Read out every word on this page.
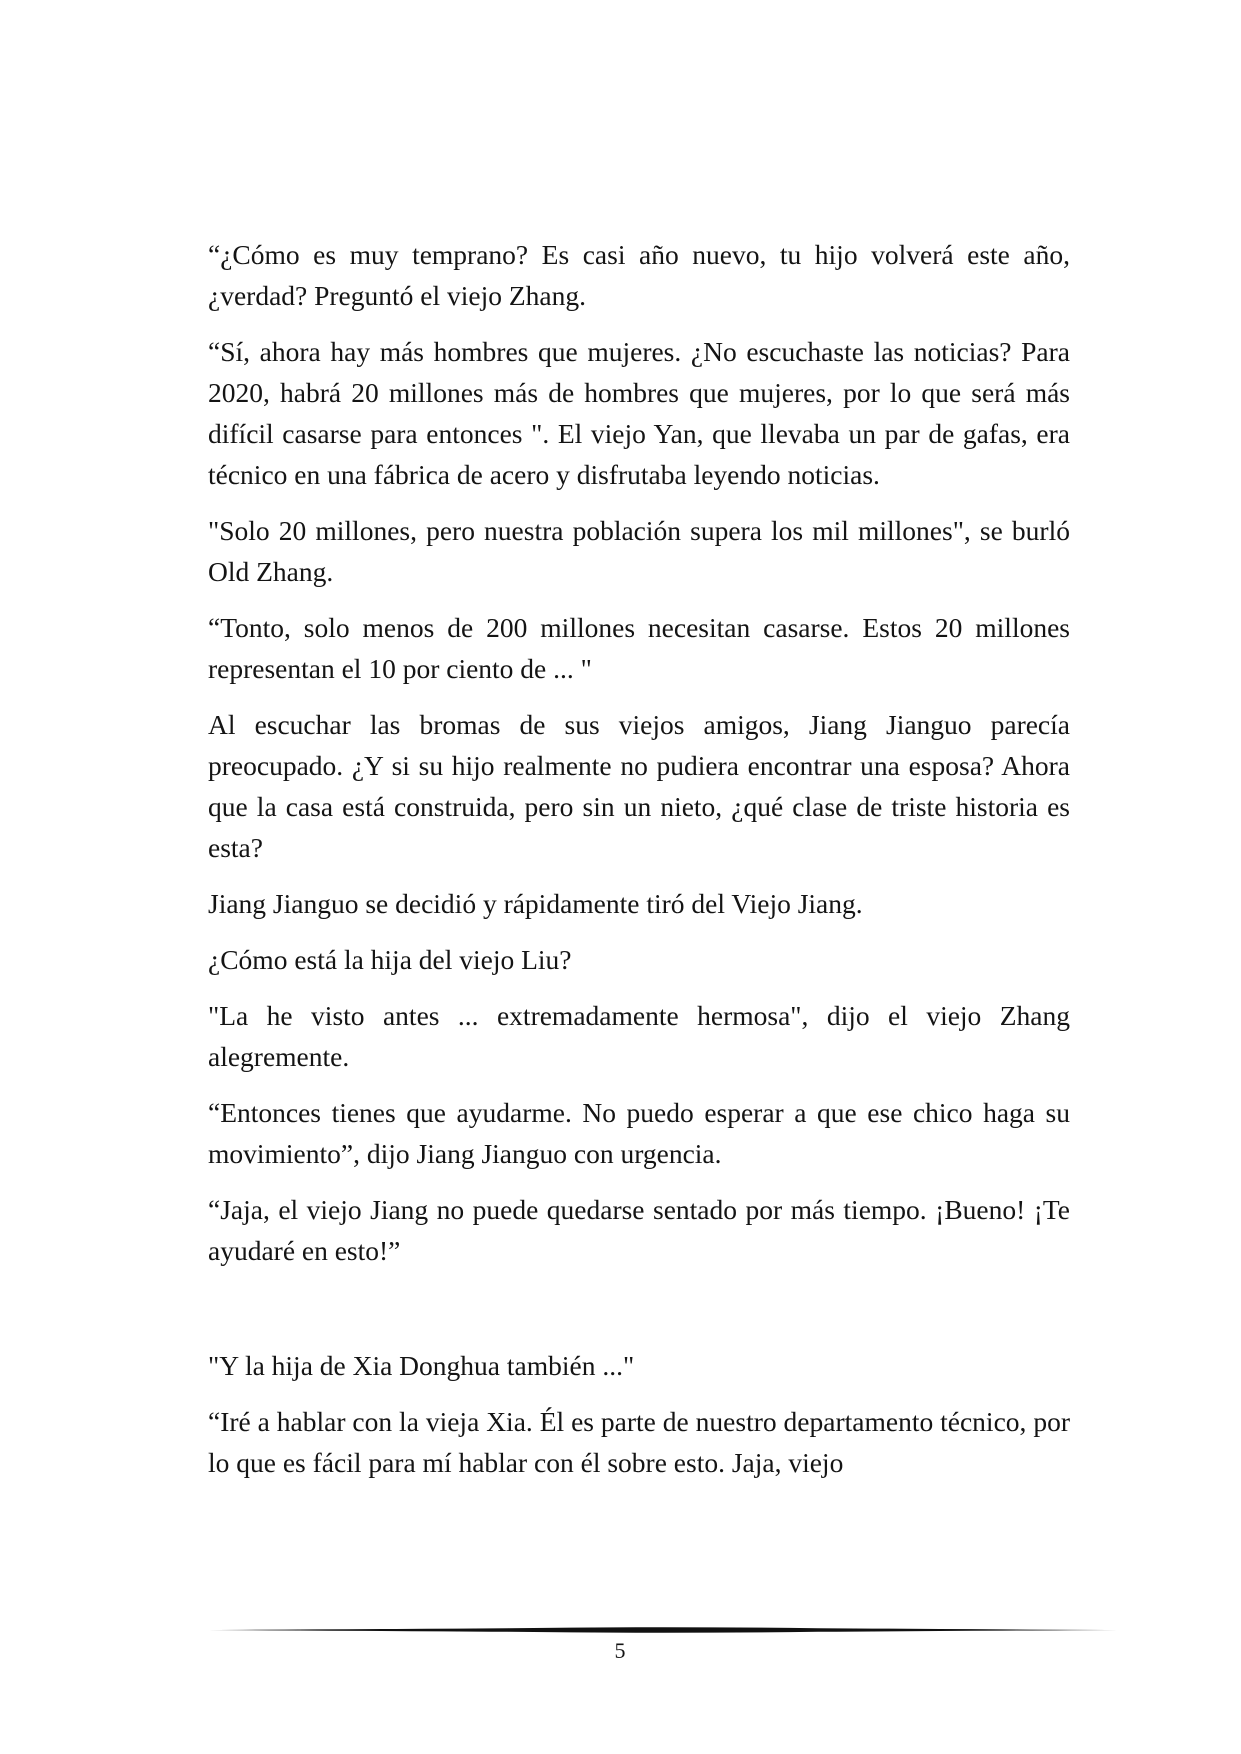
“¿Cómo es muy temprano? Es casi año nuevo, tu hijo volverá este año, ¿verdad? Preguntó el viejo Zhang.

“Sí, ahora hay más hombres que mujeres. ¿No escuchaste las noticias? Para 2020, habrá 20 millones más de hombres que mujeres, por lo que será más difícil casarse para entonces ". El viejo Yan, que llevaba un par de gafas, era técnico en una fábrica de acero y disfrutaba leyendo noticias.

"Solo 20 millones, pero nuestra población supera los mil millones", se burló Old Zhang.

“Tonto, solo menos de 200 millones necesitan casarse. Estos 20 millones representan el 10 por ciento de ... "

Al escuchar las bromas de sus viejos amigos, Jiang Jianguo parecía preocupado. ¿Y si su hijo realmente no pudiera encontrar una esposa? Ahora que la casa está construida, pero sin un nieto, ¿qué clase de triste historia es esta?

Jiang Jianguo se decidió y rápidamente tiró del Viejo Jiang.

¿Cómo está la hija del viejo Liu?

"La he visto antes ... extremadamente hermosa", dijo el viejo Zhang alegremente.

“Entonces tienes que ayudarme. No puedo esperar a que ese chico haga su movimiento”, dijo Jiang Jianguo con urgencia.

“Jaja, el viejo Jiang no puede quedarse sentado por más tiempo. ¡Bueno! ¡Te ayudaré en esto!”

"Y la hija de Xia Donghua también ..."

“Iré a hablar con la vieja Xia. Él es parte de nuestro departamento técnico, por lo que es fácil para mí hablar con él sobre esto. Jaja, viejo

5
